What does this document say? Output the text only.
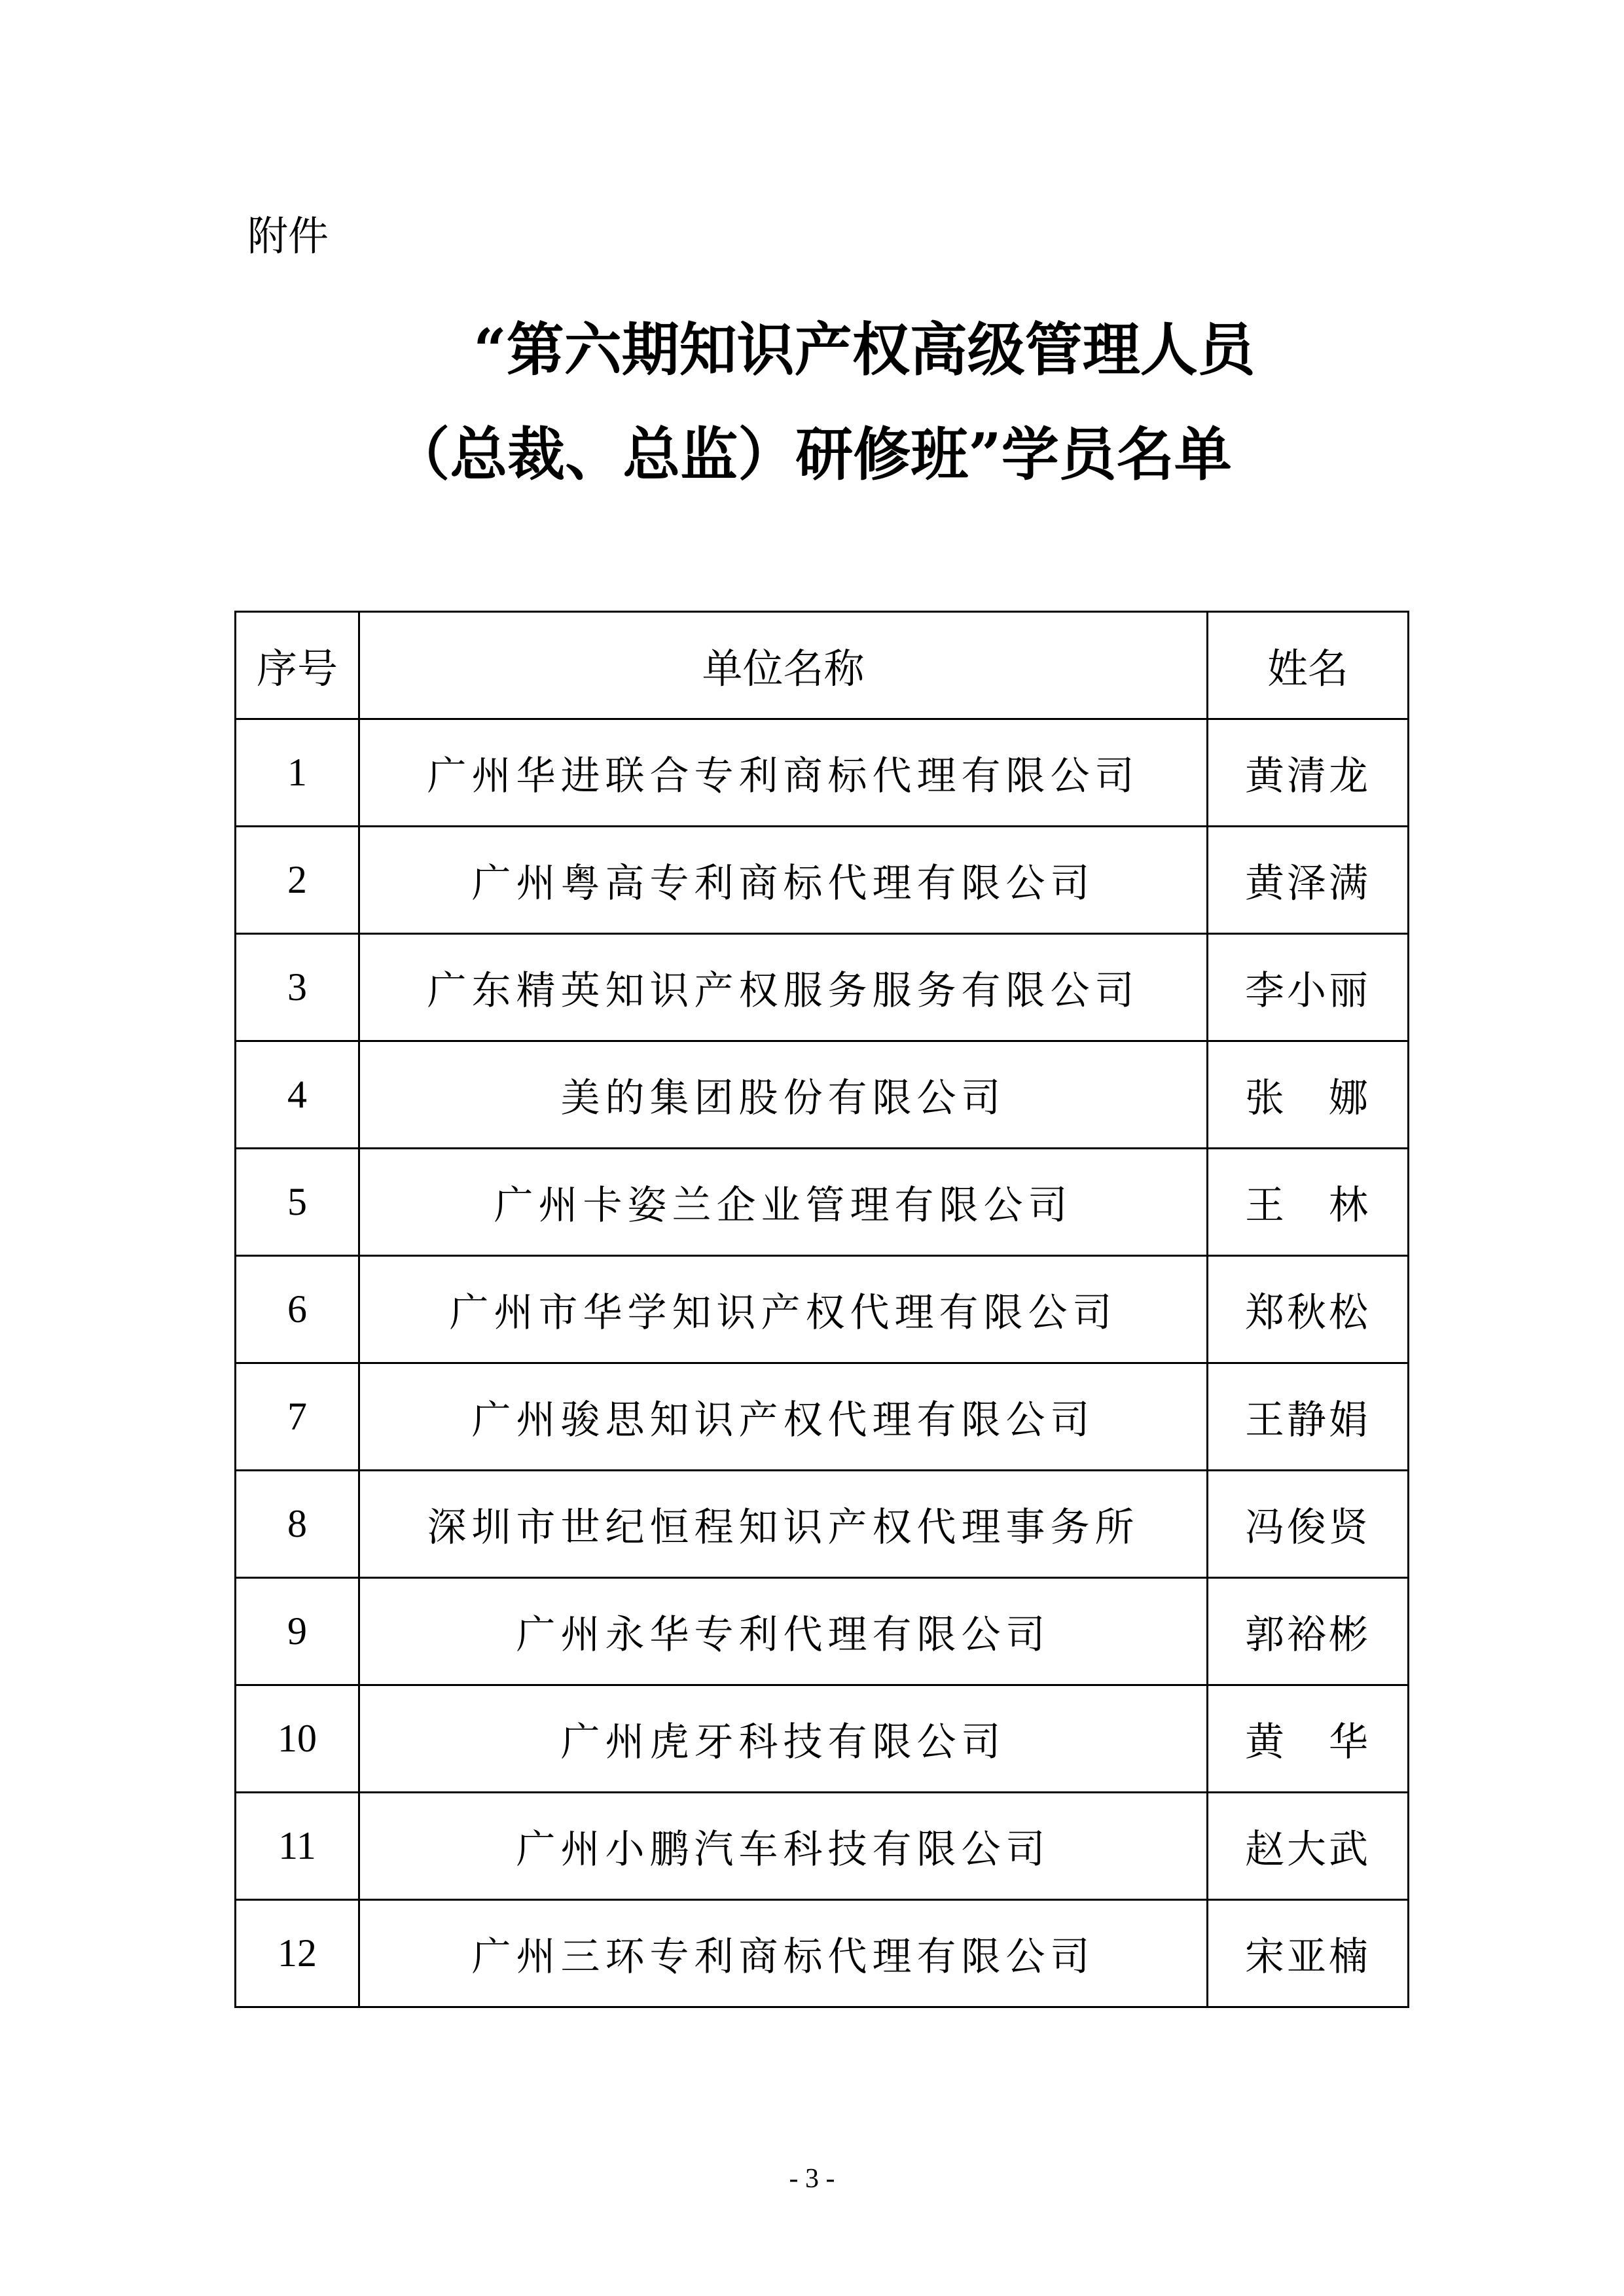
附件
“第六期知识产权高级管理人员
（总裁、总监）研修班”学员名单
序号	单位名称	姓名
1	广州华进联合专利商标代理有限公司	黄清龙
2	广州粤高专利商标代理有限公司	黄泽满
3	广东精英知识产权服务服务有限公司	李小丽
4	美的集团股份有限公司	张　娜
5	广州卡姿兰企业管理有限公司	王　林
6	广州市华学知识产权代理有限公司	郑秋松
7	广州骏思知识产权代理有限公司	王静娟
8	深圳市世纪恒程知识产权代理事务所	冯俊贤
9	广州永华专利代理有限公司	郭裕彬
10	广州虎牙科技有限公司	黄　华
11	广州小鹏汽车科技有限公司	赵大武
12	广州三环专利商标代理有限公司	宋亚楠
- 3 -
